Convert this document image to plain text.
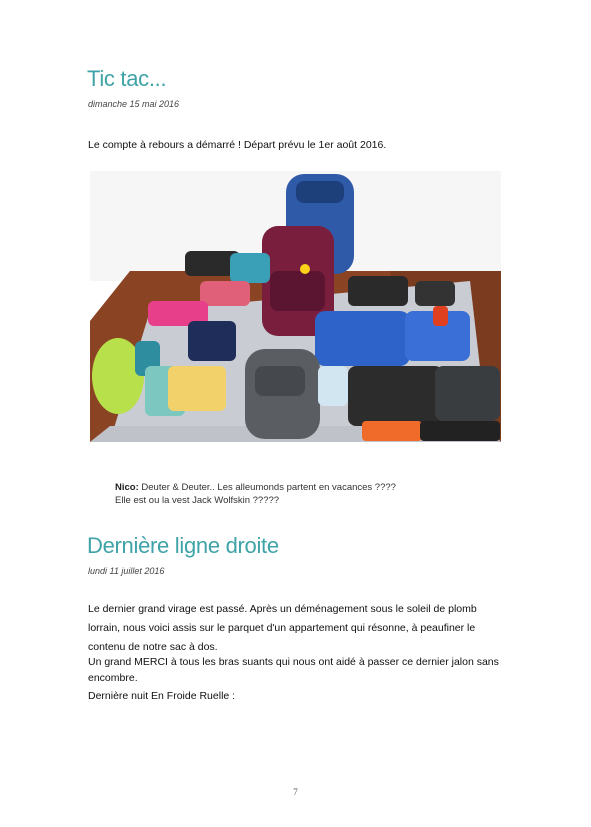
Tic tac...
dimanche 15 mai 2016
Le compte à rebours a démarré ! Départ prévu le 1er août 2016.
Nico: Deuter & Deuter.. Les alleumonds partent en vacances ????
Elle est ou la vest Jack Wolfskin ?????
Dernière ligne droite
lundi 11 juillet 2016
Le dernier grand virage est passé. Après un déménagement sous le soleil de plomb lorrain, nous voici assis sur le parquet d'un appartement qui résonne, à peaufiner le contenu de notre sac à dos.
Un grand MERCI à tous les bras suants qui nous ont aidé à passer ce dernier jalon sans encombre.
Dernière nuit En Froide Ruelle :
7
